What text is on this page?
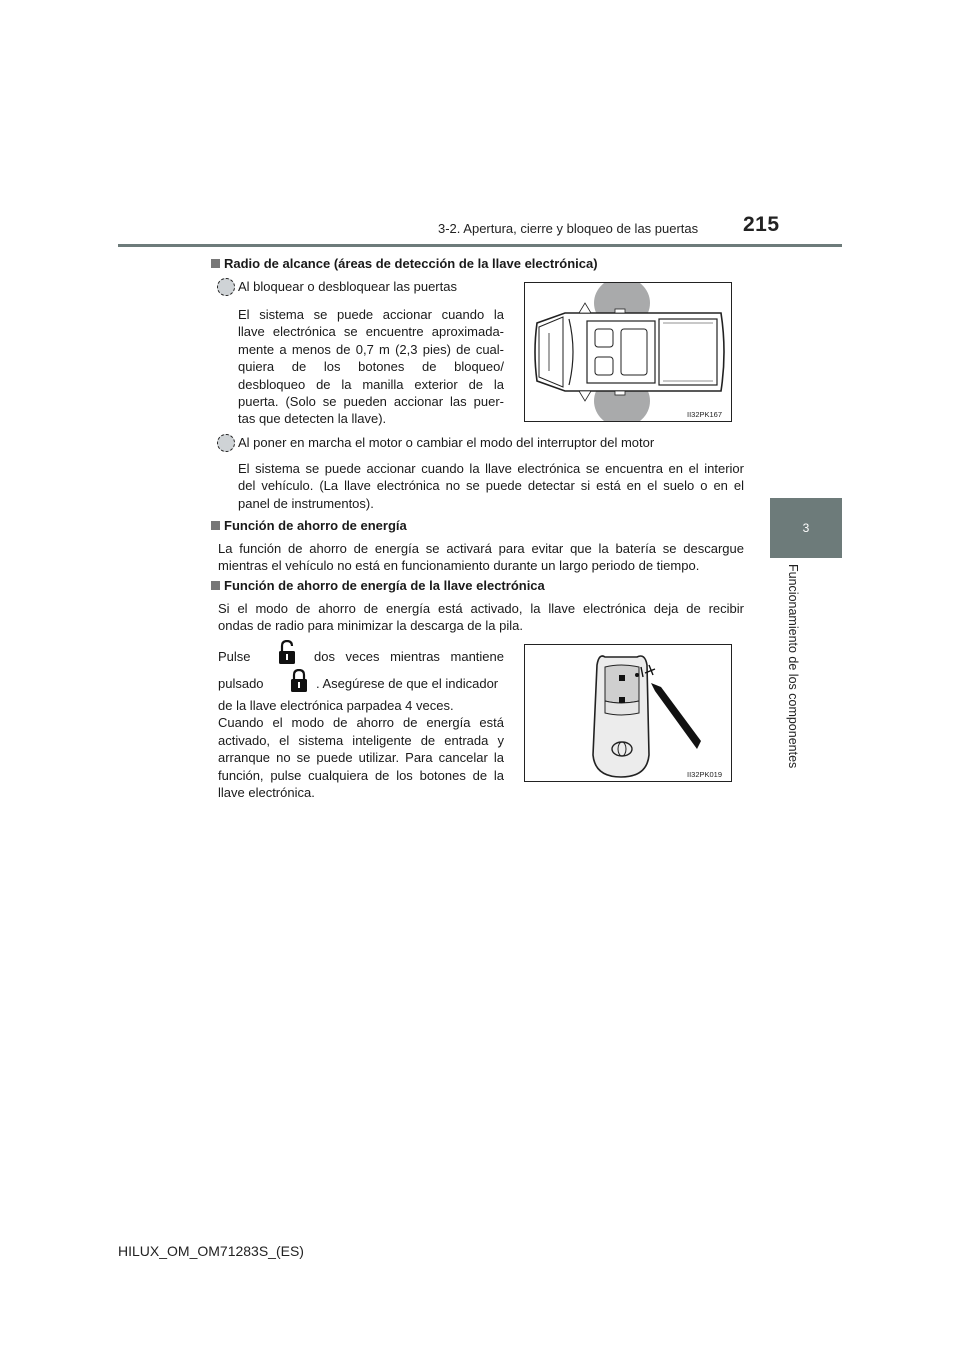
3-2. Apertura, cierre y bloqueo de las puertas 215
3
Funcionamiento de los componentes
Radio de alcance (áreas de detección de la llave electrónica)
Al bloquear o desbloquear las puertas
El sistema se puede accionar cuando la
llave electrónica se encuentre aproximada-
mente a menos de 0,7 m (2,3 pies) de cual-
quiera de los botones de bloqueo/
desbloqueo de la manilla exterior de la
puerta. (Solo se pueden accionar las puer-
tas que detecten la llave).	II32PK167
Al poner en marcha el motor o cambiar el modo del interruptor del motor
El sistema se puede accionar cuando la llave electrónica se encuentra en el interior
del vehículo. (La llave electrónica no se puede detectar si está en el suelo o en el
panel de instrumentos).
Función de ahorro de energía
La función de ahorro de energía se activará para evitar que la batería se descargue
mientras el vehículo no está en funcionamiento durante un largo periodo de tiempo.
Función de ahorro de energía de la llave electrónica
Si el modo de ahorro de energía está activado, la llave electrónica deja de recibir
ondas de radio para minimizar la descarga de la pila.
Pulse	dos veces mientras mantiene
pulsado	. Asegúrese de que el indicador
de la llave electrónica parpadea 4 veces.
Cuando el modo de ahorro de energía está
activado, el sistema inteligente de entrada y
arranque no se puede utilizar. Para cancelar la
función, pulse cualquiera de los botones de la
llave electrónica.
II32PK019
HILUX_OM_OM71283S_(ES)
